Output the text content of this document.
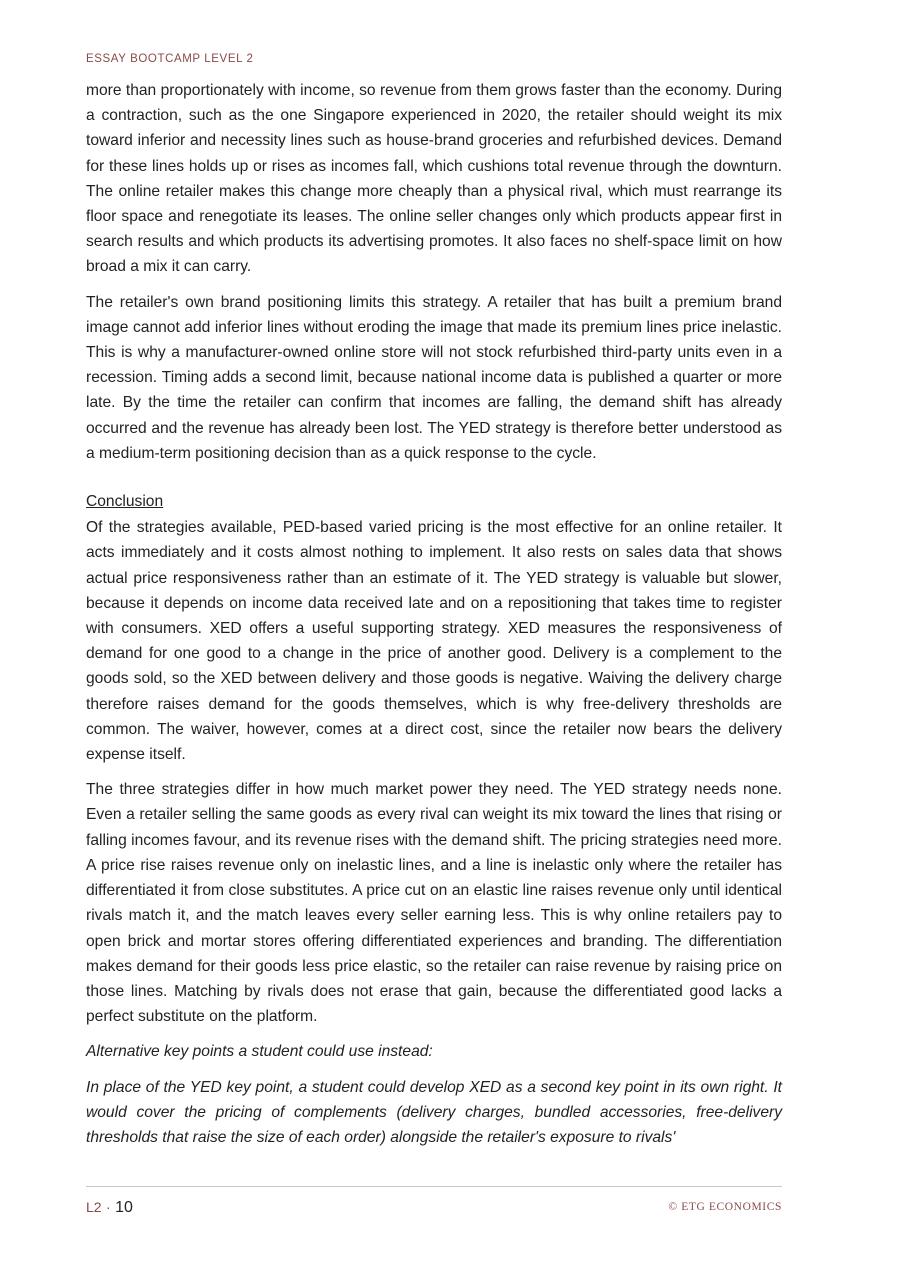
ESSAY BOOTCAMP LEVEL 2

more than proportionately with income, so revenue from them grows faster than the economy. During a contraction, such as the one Singapore experienced in 2020, the retailer should weight its mix toward inferior and necessity lines such as house-brand groceries and refurbished devices. Demand for these lines holds up or rises as incomes fall, which cushions total revenue through the downturn. The online retailer makes this change more cheaply than a physical rival, which must rearrange its floor space and renegotiate its leases. The online seller changes only which products appear first in search results and which products its advertising promotes. It also faces no shelf-space limit on how broad a mix it can carry.

The retailer's own brand positioning limits this strategy. A retailer that has built a premium brand image cannot add inferior lines without eroding the image that made its premium lines price inelastic. This is why a manufacturer-owned online store will not stock refurbished third-party units even in a recession. Timing adds a second limit, because national income data is published a quarter or more late. By the time the retailer can confirm that incomes are falling, the demand shift has already occurred and the revenue has already been lost. The YED strategy is therefore better understood as a medium-term positioning decision than as a quick response to the cycle.

Conclusion

Of the strategies available, PED-based varied pricing is the most effective for an online retailer. It acts immediately and it costs almost nothing to implement. It also rests on sales data that shows actual price responsiveness rather than an estimate of it. The YED strategy is valuable but slower, because it depends on income data received late and on a repositioning that takes time to register with consumers. XED offers a useful supporting strategy. XED measures the responsiveness of demand for one good to a change in the price of another good. Delivery is a complement to the goods sold, so the XED between delivery and those goods is negative. Waiving the delivery charge therefore raises demand for the goods themselves, which is why free-delivery thresholds are common. The waiver, however, comes at a direct cost, since the retailer now bears the delivery expense itself.

The three strategies differ in how much market power they need. The YED strategy needs none. Even a retailer selling the same goods as every rival can weight its mix toward the lines that rising or falling incomes favour, and its revenue rises with the demand shift. The pricing strategies need more. A price rise raises revenue only on inelastic lines, and a line is inelastic only where the retailer has differentiated it from close substitutes. A price cut on an elastic line raises revenue only until identical rivals match it, and the match leaves every seller earning less. This is why online retailers pay to open brick and mortar stores offering differentiated experiences and branding. The differentiation makes demand for their goods less price elastic, so the retailer can raise revenue by raising price on those lines. Matching by rivals does not erase that gain, because the differentiated good lacks a perfect substitute on the platform.

Alternative key points a student could use instead:

In place of the YED key point, a student could develop XED as a second key point in its own right. It would cover the pricing of complements (delivery charges, bundled accessories, free-delivery thresholds that raise the size of each order) alongside the retailer's exposure to rivals'

L2 · 10	© ETG ECONOMICS
